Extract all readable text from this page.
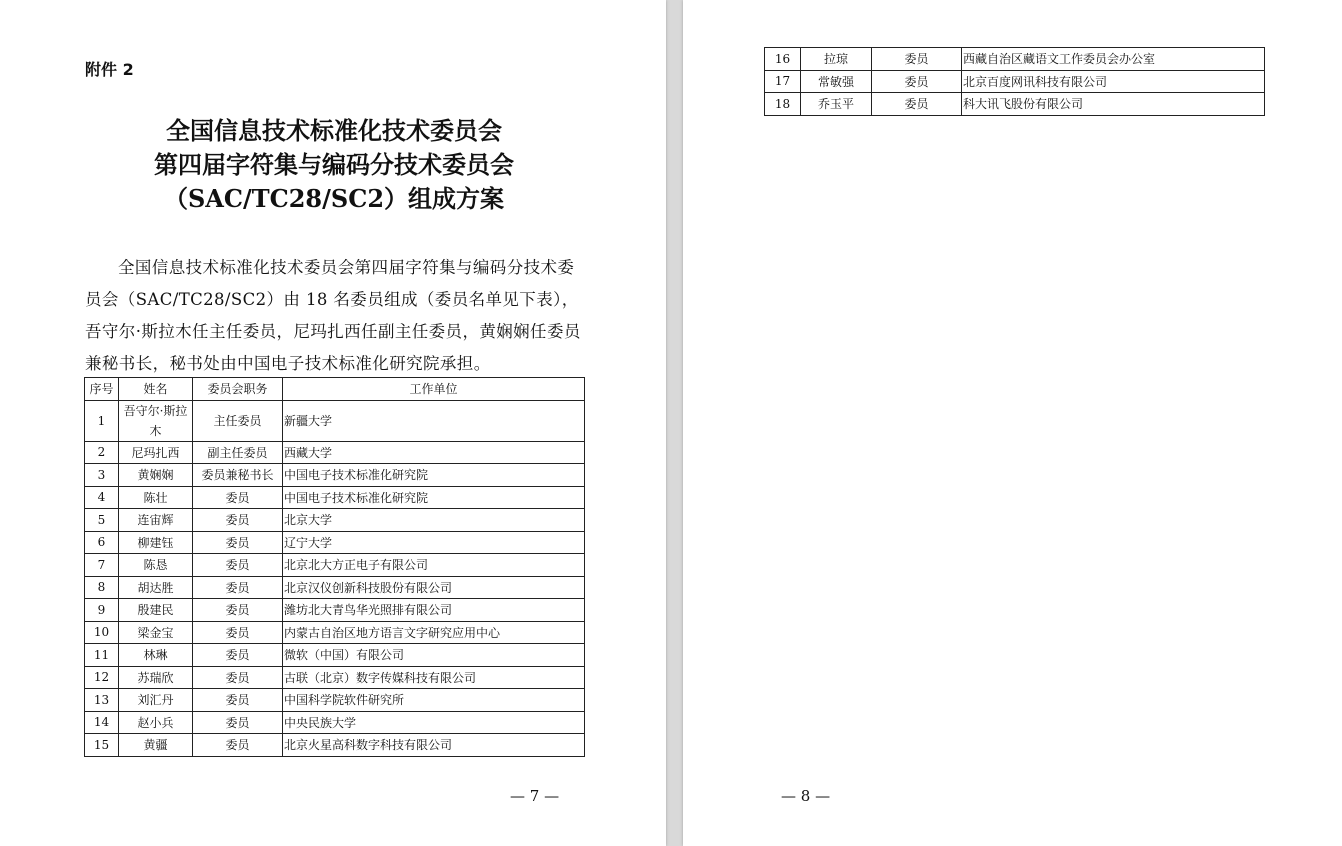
附件 2
全国信息技术标准化技术委员会
第四届字符集与编码分技术委员会
（SAC/TC28/SC2）组成方案

全国信息技术标准化技术委员会第四届字符集与编码分技术委员会（SAC/TC28/SC2）由 18 名委员组成（委员名单见下表），吾守尔·斯拉木任主任委员，尼玛扎西任副主任委员，黄娴娴任委员兼秘书长，秘书处由中国电子技术标准化研究院承担。

序号	姓名	委员会职务	工作单位
1	吾守尔·斯拉木	主任委员	新疆大学
2	尼玛扎西	副主任委员	西藏大学
3	黄娴娴	委员兼秘书长	中国电子技术标准化研究院
4	陈壮	委员	中国电子技术标准化研究院
5	连宙辉	委员	北京大学
6	柳建钰	委员	辽宁大学
7	陈恳	委员	北京北大方正电子有限公司
8	胡达胜	委员	北京汉仪创新科技股份有限公司
9	殷建民	委员	潍坊北大青鸟华光照排有限公司
10	梁金宝	委员	内蒙古自治区地方语言文字研究应用中心
11	林琳	委员	微软（中国）有限公司
12	苏瑞欣	委员	古联（北京）数字传媒科技有限公司
13	刘汇丹	委员	中国科学院软件研究所
14	赵小兵	委员	中央民族大学
15	黄疆	委员	北京火星高科数字科技有限公司
— 7 —
16	拉琼	委员	西藏自治区藏语文工作委员会办公室
17	常敏强	委员	北京百度网讯科技有限公司
18	乔玉平	委员	科大讯飞股份有限公司
— 8 —
